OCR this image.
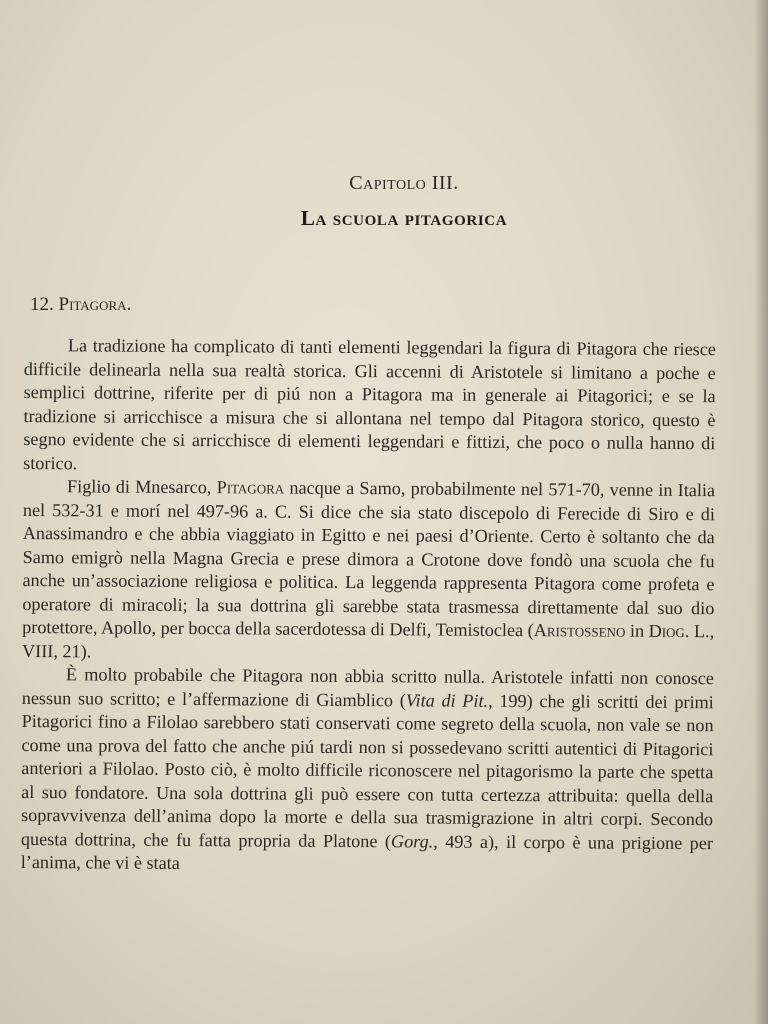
Capitolo III.
La scuola pitagorica
12. Pitagora.

La tradizione ha complicato di tanti elementi leggendari la figura di Pitagora che riesce difficile delinearla nella sua realtà storica. Gli accenni di Aristotele si limitano a poche e semplici dottrine, riferite per di piú non a Pitagora ma in generale ai Pitagorici; e se la tradizione si arricchisce a misura che si allontana nel tempo dal Pitagora storico, questo è segno evidente che si arricchisce di elementi leggendari e fittizi, che poco o nulla hanno di storico.

Figlio di Mnesarco, Pitagora nacque a Samo, probabilmente nel 571-70, venne in Italia nel 532-31 e morí nel 497-96 a. C. Si dice che sia stato discepolo di Ferecide di Siro e di Anassimandro e che abbia viaggiato in Egitto e nei paesi d’Oriente. Certo è soltanto che da Samo emigrò nella Magna Grecia e prese dimora a Crotone dove fondò una scuola che fu anche un’associazione religiosa e politica. La leggenda rappresenta Pitagora come profeta e operatore di miracoli; la sua dottrina gli sarebbe stata trasmessa direttamente dal suo dio protettore, Apollo, per bocca della sacerdotessa di Delfi, Temistoclea (Aristosseno in Diog. L., VIII, 21).

È molto probabile che Pitagora non abbia scritto nulla. Aristotele infatti non conosce nessun suo scritto; e l’affermazione di Giamblico (Vita di Pit., 199) che gli scritti dei primi Pitagorici fino a Filolao sarebbero stati conservati come segreto della scuola, non vale se non come una prova del fatto che anche piú tardi non si possedevano scritti autentici di Pitagorici anteriori a Filolao. Posto ciò, è molto difficile riconoscere nel pitagorismo la parte che spetta al suo fondatore. Una sola dottrina gli può essere con tutta certezza attribuita: quella della sopravvivenza dell’anima dopo la morte e della sua trasmigrazione in altri corpi. Secondo questa dottrina, che fu fatta propria da Platone (Gorg., 493 a), il corpo è una prigione per l’anima, che vi è stata
